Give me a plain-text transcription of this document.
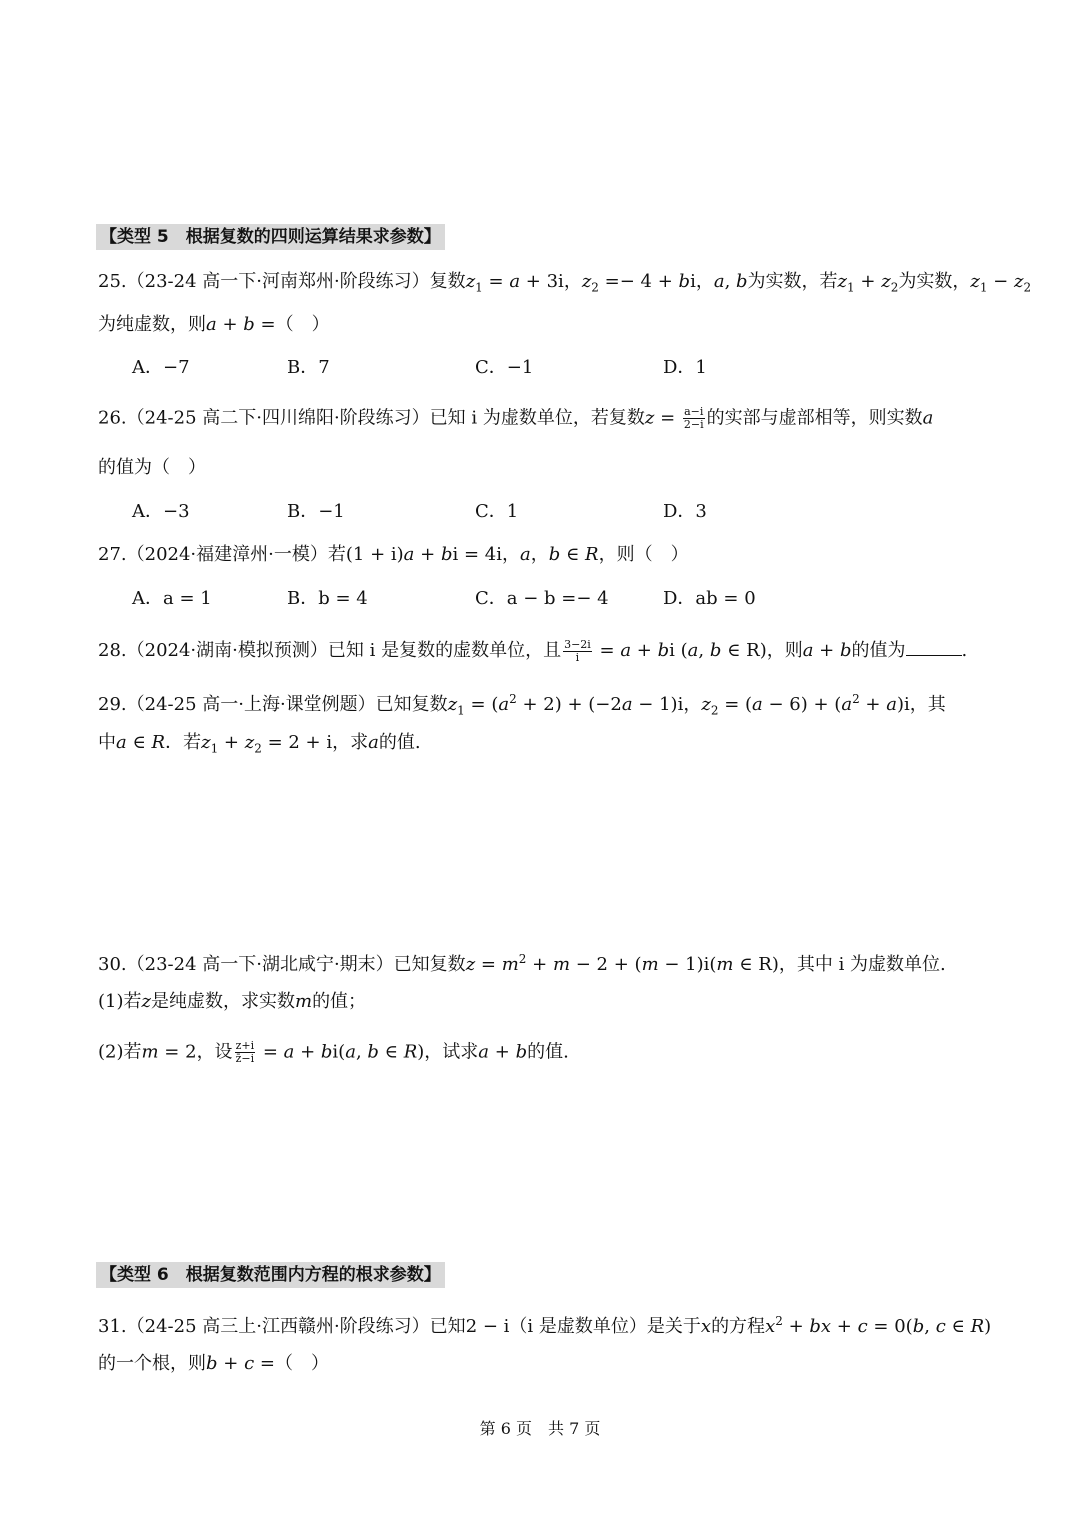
【类型 5　根据复数的四则运算结果求参数】
25.（23-24 高一下·河南郑州·阶段练习）复数$z_1 = a + 3i$，$z_2 =- 4$ + bi，a, b为实数，若$z_1 + z_2$为实数，$z_1 - z_2$
为纯虚数，则a + b =（　）
A．−7	B．7	C．−1	D．1
26.（24-25 高二下·四川绵阳·阶段练习）已知 i 为虚数单位，若复数$z = \frac{a-i}{2-i}$ 的实部与虚部相等，则实数a
的值为（　）
A．−3	B．−1	C．1	D．3
27.（2024·福建漳州·一模）若(1 + i)a + bi = 4i，a，b ∈ R，则（　）
A．a = 1	B．b = 4	C．a − b =− 4	D．ab = 0
28.（2024·湖南·模拟预测）已知 i 是复数的虚数单位，且 $\frac{3-2i}{i} = a$ + bi (a, b ∈ R)，则a + b的值为	.
29.（24-25 高一·上海·课堂例题）已知复数$z_1 = (a^2 + 2) + (-2a - 1)i$，$z_2 = (a - 6) + (a^2 + a)i$，其
中a ∈ R．若$z_1 + z_2 = 2 + i$，求a的值.
30.（23-24 高一下·湖北咸宁·期末）已知复数$z = m^2 + m - 2 + (m - 1)i(m$ ∈ R)，其中 i 为虚数单位.
(1)若z是纯虚数，求实数m的值；
(2)若m = 2，设 $\frac{z+i}{z̄-i} = a + bi(a$, b ∈ R)，试求a + b的值.
【类型 6　根据复数范围内方程的根求参数】
31.（24-25 高三上·江西赣州·阶段练习）已知2 − i（i 是虚数单位）是关于x的方程$x^2$ + bx + c = 0(b, c ∈ R)
的一个根，则b + c =（　）
第 6 页　共 7 页
